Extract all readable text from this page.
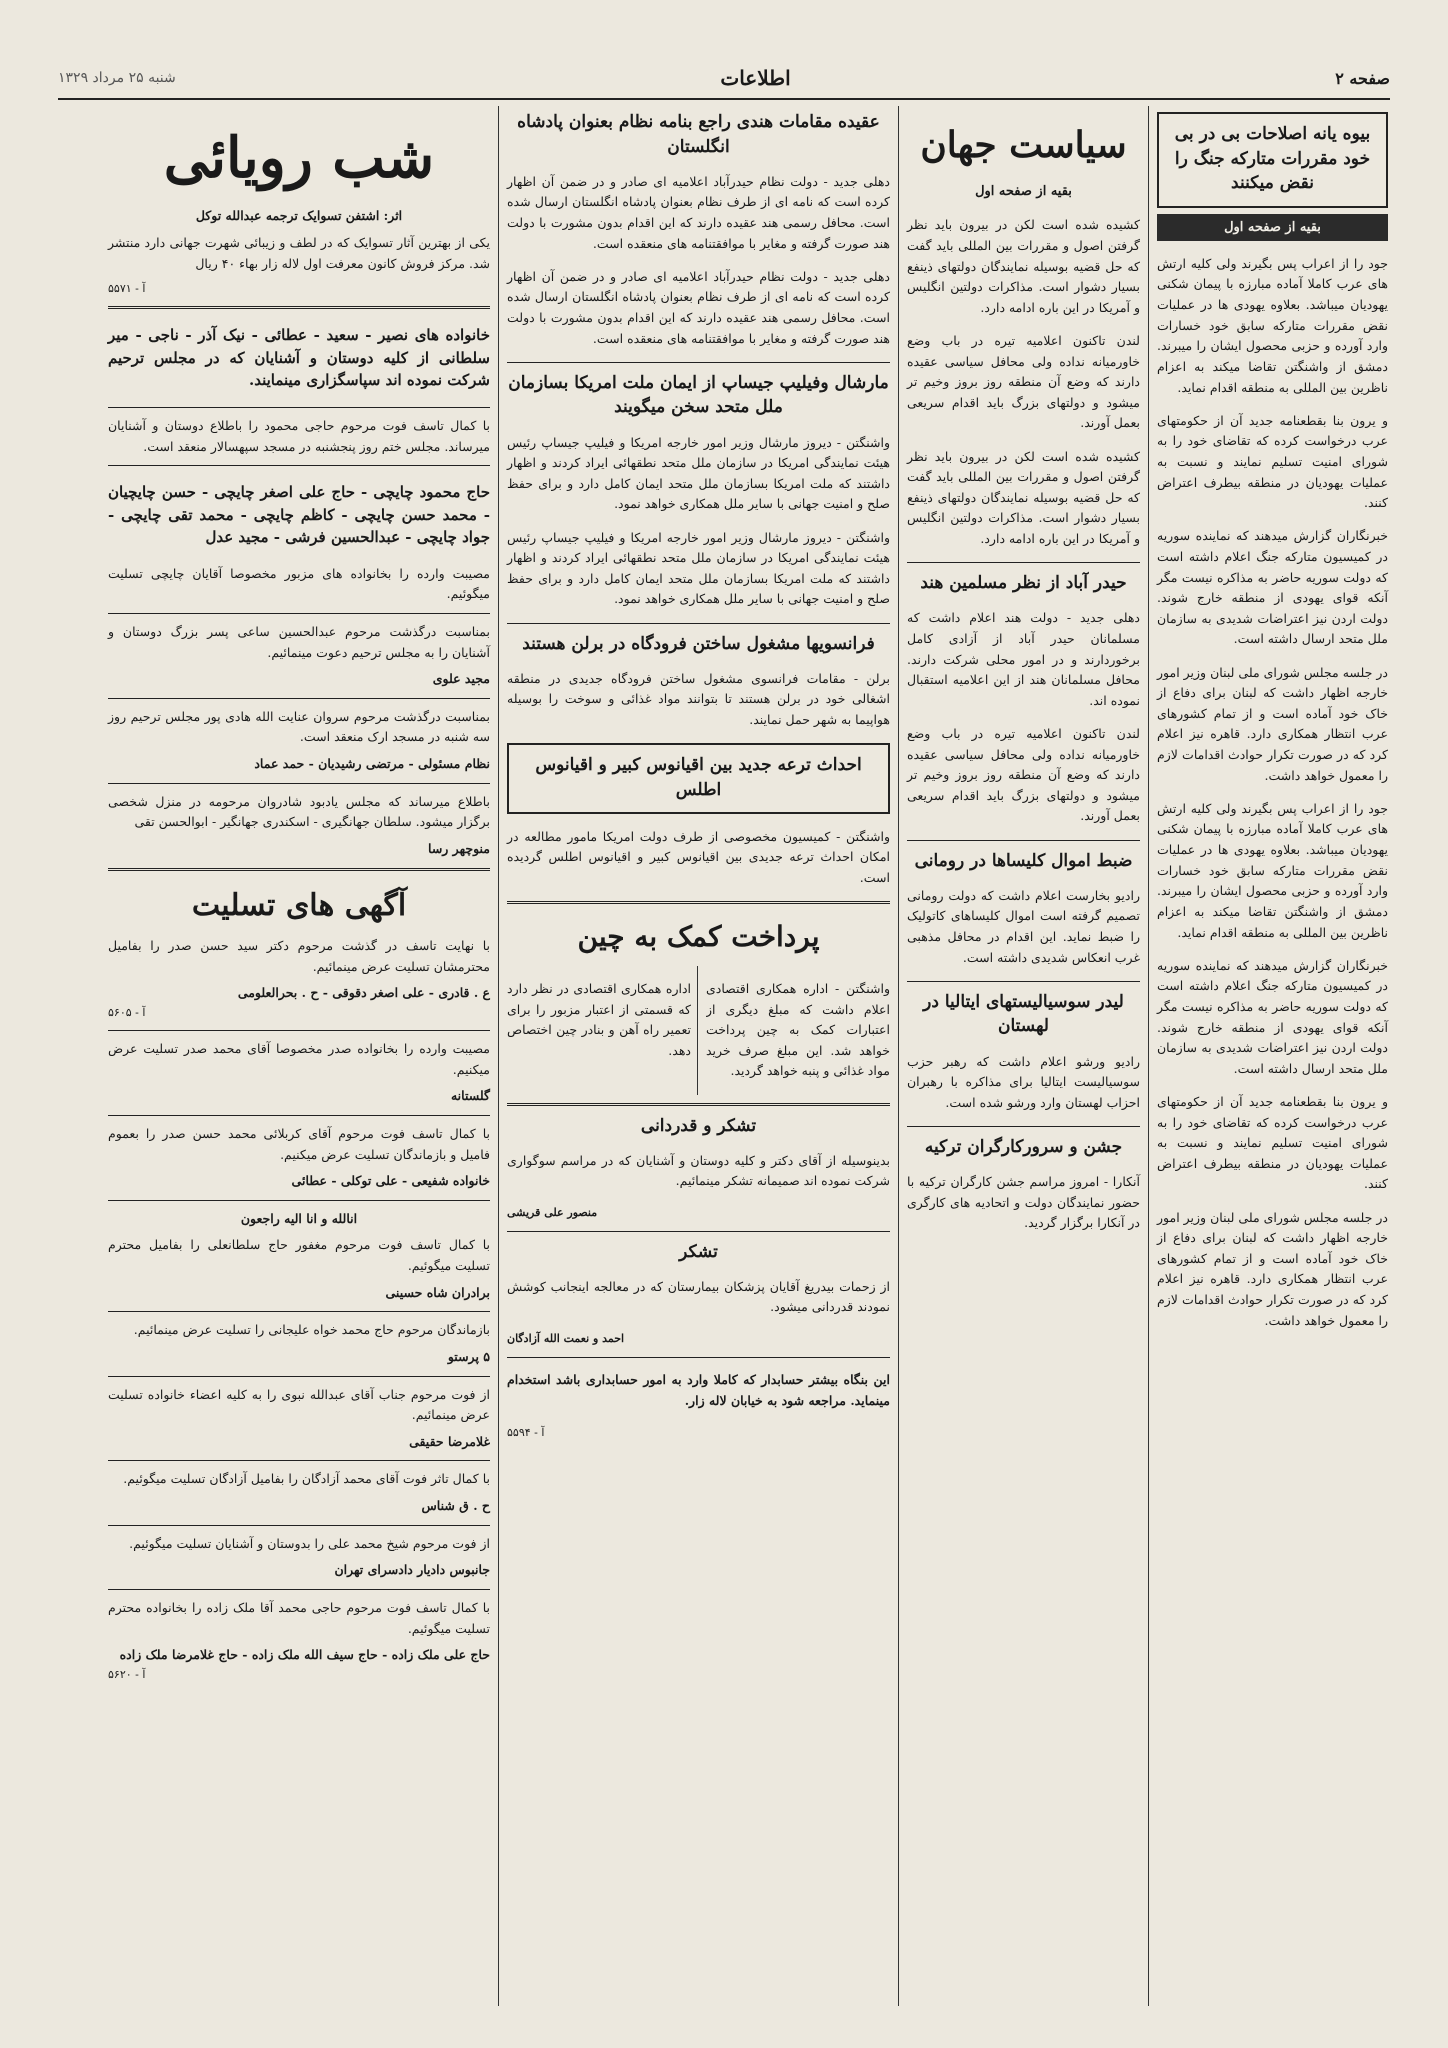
صفحه ۲
اطلاعات
شنبه ۲۵ مرداد ۱۳۲۹
بیوه یانه اصلاحات بی در بی خود مقررات متارکه جنگ را نقض میکنند
بقیه از صفحه اول

جود را از اعراب پس بگیرند ولی کلیه ارتش های عرب کاملا آماده مبارزه با پیمان شکنی یهودیان میباشد. بعلاوه یهودی ها در عملیات نقض مقررات متارکه سابق خود خسارات وارد آورده و حزبی محصول ایشان را میبرند. دمشق از واشنگتن تقاضا میکند به اعزام ناظرین بین المللی به منطقه اقدام نماید.

و یرون بنا بقطعنامه جدید آن از حکومتهای عرب درخواست کرده که تقاضای خود را به شورای امنیت تسلیم نمایند و نسبت به عملیات یهودیان در منطقه بیطرف اعتراض کنند.

خبرنگاران گزارش میدهند که نماینده سوریه در کمیسیون متارکه جنگ اعلام داشته است که دولت سوریه حاضر به مذاکره نیست مگر آنکه قوای یهودی از منطقه خارج شوند. دولت اردن نیز اعتراضات شدیدی به سازمان ملل متحد ارسال داشته است.

در جلسه مجلس شورای ملی لبنان وزیر امور خارجه اظهار داشت که لبنان برای دفاع از خاک خود آماده است و از تمام کشورهای عرب انتظار همکاری دارد. قاهره نیز اعلام کرد که در صورت تکرار حوادث اقدامات لازم را معمول خواهد داشت.

جود را از اعراب پس بگیرند ولی کلیه ارتش های عرب کاملا آماده مبارزه با پیمان شکنی یهودیان میباشد. بعلاوه یهودی ها در عملیات نقض مقررات متارکه سابق خود خسارات وارد آورده و حزبی محصول ایشان را میبرند. دمشق از واشنگتن تقاضا میکند به اعزام ناظرین بین المللی به منطقه اقدام نماید.

خبرنگاران گزارش میدهند که نماینده سوریه در کمیسیون متارکه جنگ اعلام داشته است که دولت سوریه حاضر به مذاکره نیست مگر آنکه قوای یهودی از منطقه خارج شوند. دولت اردن نیز اعتراضات شدیدی به سازمان ملل متحد ارسال داشته است.

و یرون بنا بقطعنامه جدید آن از حکومتهای عرب درخواست کرده که تقاضای خود را به شورای امنیت تسلیم نمایند و نسبت به عملیات یهودیان در منطقه بیطرف اعتراض کنند.

در جلسه مجلس شورای ملی لبنان وزیر امور خارجه اظهار داشت که لبنان برای دفاع از خاک خود آماده است و از تمام کشورهای عرب انتظار همکاری دارد. قاهره نیز اعلام کرد که در صورت تکرار حوادث اقدامات لازم را معمول خواهد داشت.

سیاست جهان
بقیه از صفحه اول

کشیده شده است لکن در بیرون باید نظر گرفتن اصول و مقررات بین المللی باید گفت که حل قضیه بوسیله نمایندگان دولتهای ذینفع بسیار دشوار است. مذاکرات دولتین انگلیس و آمریکا در این باره ادامه دارد.

لندن تاکنون اعلامیه تیره در باب وضع خاورمیانه نداده ولی محافل سیاسی عقیده دارند که وضع آن منطقه روز بروز وخیم تر میشود و دولتهای بزرگ باید اقدام سریعی بعمل آورند.

کشیده شده است لکن در بیرون باید نظر گرفتن اصول و مقررات بین المللی باید گفت که حل قضیه بوسیله نمایندگان دولتهای ذینفع بسیار دشوار است. مذاکرات دولتین انگلیس و آمریکا در این باره ادامه دارد.

حیدر آباد از نظر مسلمین هند

دهلی جدید - دولت هند اعلام داشت که مسلمانان حیدر آباد از آزادی کامل برخوردارند و در امور محلی شرکت دارند. محافل مسلمانان هند از این اعلامیه استقبال نموده اند.

لندن تاکنون اعلامیه تیره در باب وضع خاورمیانه نداده ولی محافل سیاسی عقیده دارند که وضع آن منطقه روز بروز وخیم تر میشود و دولتهای بزرگ باید اقدام سریعی بعمل آورند.

ضبط اموال کلیساها در رومانی

رادیو بخارست اعلام داشت که دولت رومانی تصمیم گرفته است اموال کلیساهای کاتولیک را ضبط نماید. این اقدام در محافل مذهبی غرب انعکاس شدیدی داشته است.

لیدر سوسیالیستهای ایتالیا در لهستان

رادیو ورشو اعلام داشت که رهبر حزب سوسیالیست ایتالیا برای مذاکره با رهبران احزاب لهستان وارد ورشو شده است.

جشن و سرورکارگران ترکیه

آنکارا - امروز مراسم جشن کارگران ترکیه با حضور نمایندگان دولت و اتحادیه های کارگری در آنکارا برگزار گردید.

عقیده مقامات هندی راجع بنامه نظام بعنوان پادشاه انگلستان

دهلی جدید - دولت نظام حیدرآباد اعلامیه ای صادر و در ضمن آن اظهار کرده است که نامه ای از طرف نظام بعنوان پادشاه انگلستان ارسال شده است. محافل رسمی هند عقیده دارند که این اقدام بدون مشورت با دولت هند صورت گرفته و مغایر با موافقتنامه های منعقده است.

دهلی جدید - دولت نظام حیدرآباد اعلامیه ای صادر و در ضمن آن اظهار کرده است که نامه ای از طرف نظام بعنوان پادشاه انگلستان ارسال شده است. محافل رسمی هند عقیده دارند که این اقدام بدون مشورت با دولت هند صورت گرفته و مغایر با موافقتنامه های منعقده است.

مارشال وفیلیپ جیساپ از ایمان ملت امریکا بسازمان ملل متحد سخن میگویند

واشنگتن - دیروز مارشال وزیر امور خارجه امریکا و فیلیپ جیساپ رئیس هیئت نمایندگی امریکا در سازمان ملل متحد نطقهائی ایراد کردند و اظهار داشتند که ملت امریکا بسازمان ملل متحد ایمان کامل دارد و برای حفظ صلح و امنیت جهانی با سایر ملل همکاری خواهد نمود.

واشنگتن - دیروز مارشال وزیر امور خارجه امریکا و فیلیپ جیساپ رئیس هیئت نمایندگی امریکا در سازمان ملل متحد نطقهائی ایراد کردند و اظهار داشتند که ملت امریکا بسازمان ملل متحد ایمان کامل دارد و برای حفظ صلح و امنیت جهانی با سایر ملل همکاری خواهد نمود.

فرانسویها مشغول ساختن فرودگاه در برلن هستند

برلن - مقامات فرانسوی مشغول ساختن فرودگاه جدیدی در منطقه اشغالی خود در برلن هستند تا بتوانند مواد غذائی و سوخت را بوسیله هواپیما به شهر حمل نمایند.

احداث ترعه جدید بین اقیانوس کبیر و اقیانوس اطلس

واشنگتن - کمیسیون مخصوصی از طرف دولت امریکا مامور مطالعه در امکان احداث ترعه جدیدی بین اقیانوس کبیر و اقیانوس اطلس گردیده است.

پرداخت کمک به چین

واشنگتن - اداره همکاری اقتصادی اعلام داشت که مبلغ دیگری از اعتبارات کمک به چین پرداخت خواهد شد. این مبلغ صرف خرید مواد غذائی و پنبه خواهد گردید.

اداره همکاری اقتصادی در نظر دارد که قسمتی از اعتبار مزبور را برای تعمیر راه آهن و بنادر چین اختصاص دهد.

تشکر و قدردانی

بدینوسیله از آقای دکتر و کلیه دوستان و آشنایان که در مراسم سوگواری شرکت نموده اند صمیمانه تشکر مینمائیم.

منصور علی قریشی
تشکر

از زحمات بیدریغ آقایان پزشکان بیمارستان که در معالجه اینجانب کوشش نمودند قدردانی میشود.

احمد و نعمت الله آزادگان

این بنگاه بیشتر حسابدار که کاملا وارد به امور حسابداری باشد استخدام مینماید. مراجعه شود به خیابان لاله زار.

آ - ۵۵۹۴
شب رویائی
اثر: اشتفن تسوایک ترجمه عبدالله توکل

یکی از بهترین آثار تسوایک که در لطف و زیبائی شهرت جهانی دارد منتشر شد. مرکز فروش کانون معرفت اول لاله زار بهاء ۴۰ ریال

آ - ۵۵۷۱

خانواده های نصیر - سعید - عطائی - نیک آذر - ناجی - میر سلطانی از کلیه دوستان و آشنایان که در مجلس ترحیم شرکت نموده اند سپاسگزاری مینمایند.

با کمال تاسف فوت مرحوم حاجی محمود را باطلاع دوستان و آشنایان میرساند. مجلس ختم روز پنجشنبه در مسجد سپهسالار منعقد است.

حاج محمود چایچی - حاج علی اصغر چایچی - حسن چایچیان - محمد حسن چایچی - کاظم چایچی - محمد تقی چایچی - جواد چایچی - عبدالحسین فرشی - مجید عدل

مصیبت وارده را بخانواده های مزبور مخصوصا آقایان چایچی تسلیت میگوئیم.

بمناسبت درگذشت مرحوم عبدالحسین ساعی پسر بزرگ دوستان و آشنایان را به مجلس ترحیم دعوت مینمائیم.

مجید علوی

بمناسبت درگذشت مرحوم سروان عنایت الله هادی پور مجلس ترحیم روز سه شنبه در مسجد ارک منعقد است.

نظام مسئولی - مرتضی رشیدیان - حمد عماد

باطلاع میرساند که مجلس یادبود شادروان مرحومه در منزل شخصی برگزار میشود. سلطان جهانگیری - اسکندری جهانگیر - ابوالحسن تقی

منوچهر رسا
آگهی های تسلیت

با نهایت تاسف در گذشت مرحوم دکتر سید حسن صدر را بفامیل محترمشان تسلیت عرض مینمائیم.

ع . قادری - علی اصغر دقوقی - ح . بحرالعلومی
آ - ۵۶۰۵

مصیبت وارده را بخانواده صدر مخصوصا آقای محمد صدر تسلیت عرض میکنیم.

گلستانه

با کمال تاسف فوت مرحوم آقای کربلائی محمد حسن صدر را بعموم فامیل و بازماندگان تسلیت عرض میکنیم.

خانواده شفیعی - علی توکلی - عطائی
انالله و انا الیه راجعون

با کمال تاسف فوت مرحوم مغفور حاج سلطانعلی را بفامیل محترم تسلیت میگوئیم.

برادران شاه حسینی

بازماندگان مرحوم حاج محمد خواه علیجانی را تسلیت عرض مینمائیم.

۵ پرستو

از فوت مرحوم جناب آقای عبدالله نبوی را به کلیه اعضاء خانواده تسلیت عرض مینمائیم.

غلامرضا حقیقی

با کمال تاثر فوت آقای محمد آزادگان را بفامیل آزادگان تسلیت میگوئیم.

ح . ق شناس

از فوت مرحوم شیخ محمد علی را بدوستان و آشنایان تسلیت میگوئیم.

جانبوس دادیار دادسرای تهران

با کمال تاسف فوت مرحوم حاجی محمد آقا ملک زاده را بخانواده محترم تسلیت میگوئیم.

حاج علی ملک زاده - حاج سیف الله ملک زاده - حاج غلامرضا ملک زاده
آ - ۵۶۲۰
